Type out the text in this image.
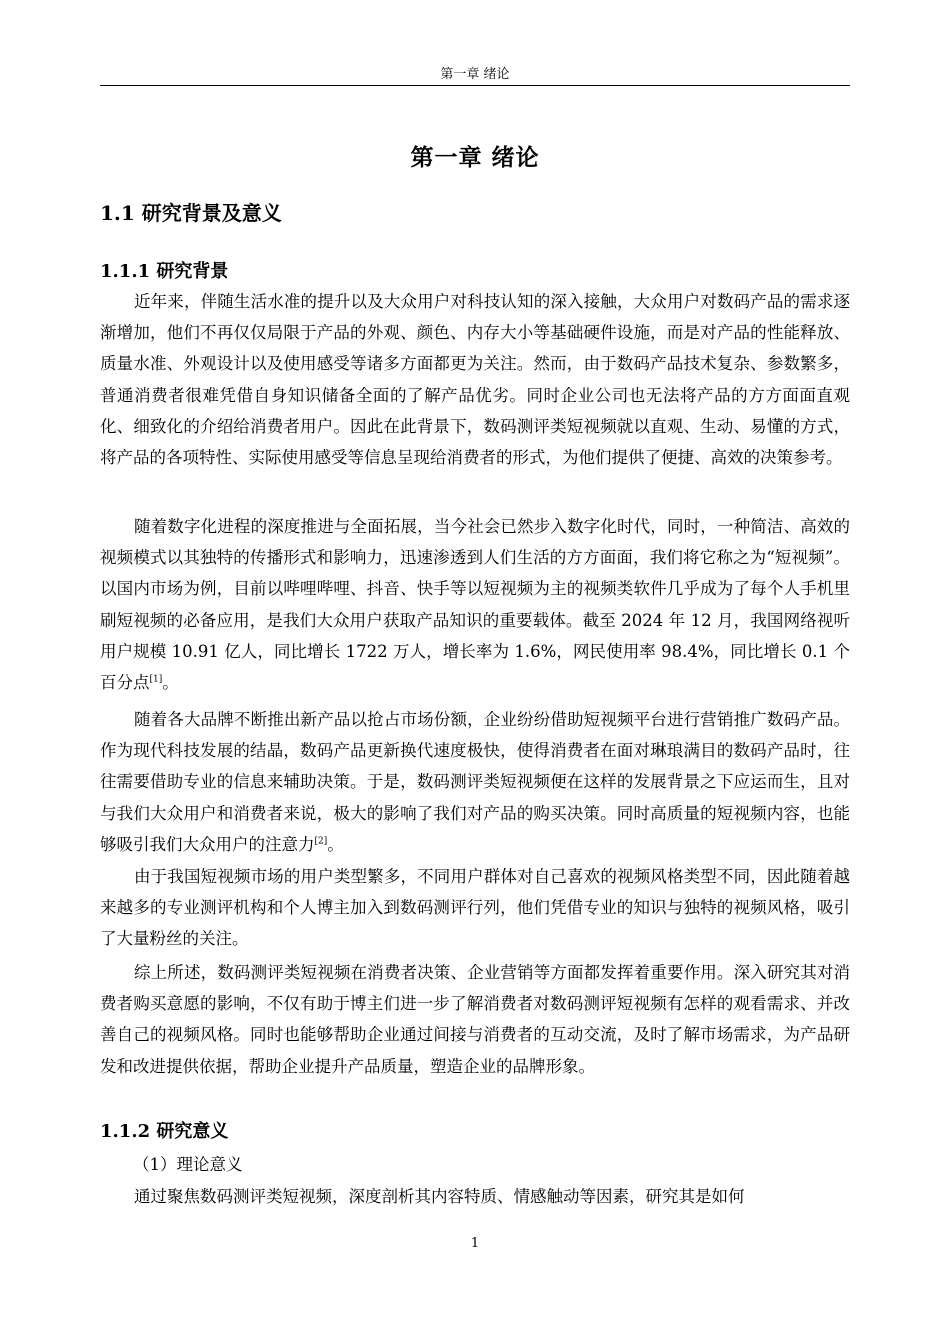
第一章 绪论
第一章 绪论
1.1 研究背景及意义
1.1.1 研究背景

近年来，伴随生活水准的提升以及大众用户对科技认知的深入接触，大众用户对数码产品的需求逐渐增加，他们不再仅仅局限于产品的外观、颜色、内存大小等基础硬件设施，而是对产品的性能释放、质量水准、外观设计以及使用感受等诸多方面都更为关注。然而，由于数码产品技术复杂、参数繁多，普通消费者很难凭借自身知识储备全面的了解产品优劣。同时企业公司也无法将产品的方方面面直观化、细致化的介绍给消费者用户。因此在此背景下，数码测评类短视频就以直观、生动、易懂的方式，将产品的各项特性、实际使用感受等信息呈现给消费者的形式，为他们提供了便捷、高效的决策参考。

随着数字化进程的深度推进与全面拓展，当今社会已然步入数字化时代，同时，一种简洁、高效的视频模式以其独特的传播形式和影响力，迅速渗透到人们生活的方方面面，我们将它称之为“短视频”。以国内市场为例，目前以哔哩哔哩、抖音、快手等以短视频为主的视频类软件几乎成为了每个人手机里刷短视频的必备应用，是我们大众用户获取产品知识的重要载体。截至 2024 年 12 月，我国网络视听用户规模 10.91 亿人，同比增长 1722 万人，增长率为 1.6%，网民使用率 98.4%，同比增长 0.1 个百分点[1]。

随着各大品牌不断推出新产品以抢占市场份额，企业纷纷借助短视频平台进行营销推广数码产品。作为现代科技发展的结晶，数码产品更新换代速度极快，使得消费者在面对琳琅满目的数码产品时，往往需要借助专业的信息来辅助决策。于是，数码测评类短视频便在这样的发展背景之下应运而生，且对与我们大众用户和消费者来说，极大的影响了我们对产品的购买决策。同时高质量的短视频内容，也能够吸引我们大众用户的注意力[2]。

由于我国短视频市场的用户类型繁多，不同用户群体对自己喜欢的视频风格类型不同，因此随着越来越多的专业测评机构和个人博主加入到数码测评行列，他们凭借专业的知识与独特的视频风格，吸引了大量粉丝的关注。

综上所述，数码测评类短视频在消费者决策、企业营销等方面都发挥着重要作用。深入研究其对消费者购买意愿的影响，不仅有助于博主们进一步了解消费者对数码测评短视频有怎样的观看需求、并改善自己的视频风格。同时也能够帮助企业通过间接与消费者的互动交流，及时了解市场需求，为产品研发和改进提供依据，帮助企业提升产品质量，塑造企业的品牌形象。

1.1.2 研究意义
（1）理论意义

通过聚焦数码测评类短视频，深度剖析其内容特质、情感触动等因素，研究其是如何

1
